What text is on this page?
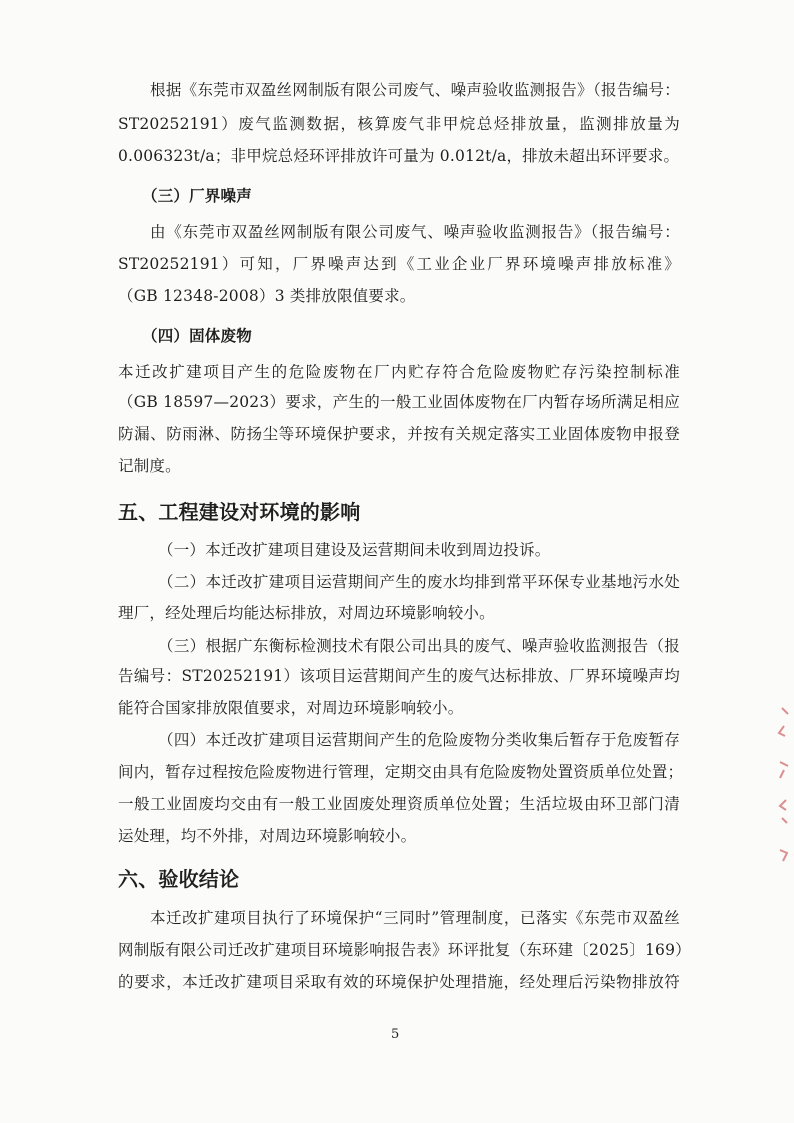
根据《东莞市双盈丝网制版有限公司废气、噪声验收监测报告》（报告编号：
ST20252191）废气监测数据，核算废气非甲烷总烃排放量，监测排放量为
0.006323t/a；非甲烷总烃环评排放许可量为 0.012t/a，排放未超出环评要求。
（三）厂界噪声
由《东莞市双盈丝网制版有限公司废气、噪声验收监测报告》（报告编号：
ST20252191）可知，厂界噪声达到《工业企业厂界环境噪声排放标准》
（GB 12348-2008）3 类排放限值要求。
（四）固体废物
本迁改扩建项目产生的危险废物在厂内贮存符合危险废物贮存污染控制标准
（GB 18597—2023）要求，产生的一般工业固体废物在厂内暂存场所满足相应
防漏、防雨淋、防扬尘等环境保护要求，并按有关规定落实工业固体废物申报登
记制度。
五、工程建设对环境的影响
（一）本迁改扩建项目建设及运营期间未收到周边投诉。
（二）本迁改扩建项目运营期间产生的废水均排到常平环保专业基地污水处
理厂，经处理后均能达标排放，对周边环境影响较小。
（三）根据广东衡标检测技术有限公司出具的废气、噪声验收监测报告（报
告编号：ST20252191）该项目运营期间产生的废气达标排放、厂界环境噪声均
能符合国家排放限值要求，对周边环境影响较小。
（四）本迁改扩建项目运营期间产生的危险废物分类收集后暂存于危废暂存
间内，暂存过程按危险废物进行管理，定期交由具有危险废物处置资质单位处置；
一般工业固废均交由有一般工业固废处理资质单位处置；生活垃圾由环卫部门清
运处理，均不外排，对周边环境影响较小。
六、验收结论
本迁改扩建项目执行了环境保护“三同时”管理制度，已落实《东莞市双盈丝
网制版有限公司迁改扩建项目环境影响报告表》环评批复（东环建〔2025〕169）
的要求，本迁改扩建项目采取有效的环境保护处理措施，经处理后污染物排放符
5
